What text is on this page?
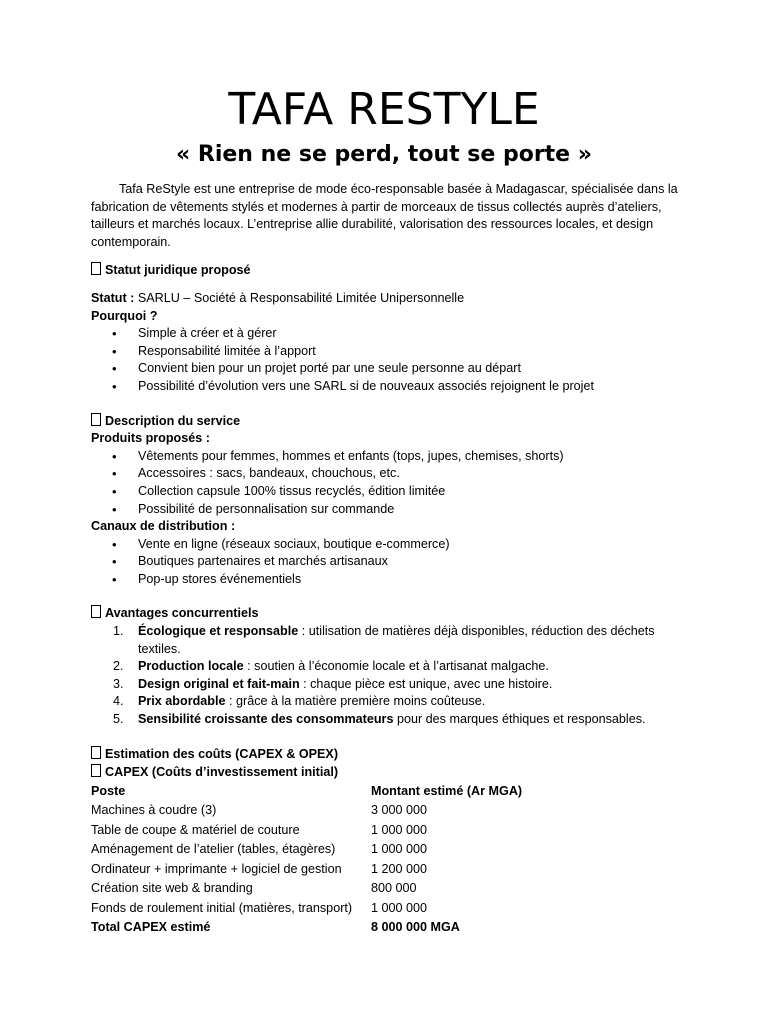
TAFA RESTYLE

« Rien ne se perd, tout se porte »

Tafa ReStyle est une entreprise de mode éco-responsable basée à Madagascar, spécialisée dans la fabrication de vêtements stylés et modernes à partir de morceaux de tissus collectés auprès d’ateliers, tailleurs et marchés locaux. L’entreprise allie durabilité, valorisation des ressources locales, et design contemporain.

Statut juridique proposé

Statut : SARLU – Société à Responsabilité Limitée Unipersonnelle

Pourquoi ?

• Simple à créer et à gérer
• Responsabilité limitée à l’apport
• Convient bien pour un projet porté par une seule personne au départ
• Possibilité d’évolution vers une SARL si de nouveaux associés rejoignent le projet

Description du service

Produits proposés :

• Vêtements pour femmes, hommes et enfants (tops, jupes, chemises, shorts)
• Accessoires : sacs, bandeaux, chouchous, etc.
• Collection capsule 100% tissus recyclés, édition limitée
• Possibilité de personnalisation sur commande

Canaux de distribution :

• Vente en ligne (réseaux sociaux, boutique e-commerce)
• Boutiques partenaires et marchés artisanaux
• Pop-up stores événementiels

Avantages concurrentiels

1. Écologique et responsable : utilisation de matières déjà disponibles, réduction des déchets textiles.
2. Production locale : soutien à l’économie locale et à l’artisanat malgache.
3. Design original et fait-main : chaque pièce est unique, avec une histoire.
4. Prix abordable : grâce à la matière première moins coûteuse.
5. Sensibilité croissante des consommateurs pour des marques éthiques et responsables.

Estimation des coûts (CAPEX & OPEX)

CAPEX (Coûts d’investissement initial)

Poste	Montant estimé (Ar MGA)
Machines à coudre (3)	3 000 000
Table de coupe & matériel de couture	1 000 000
Aménagement de l’atelier (tables, étagères)	1 000 000
Ordinateur + imprimante + logiciel de gestion	1 200 000
Création site web & branding	800 000
Fonds de roulement initial (matières, transport)	1 000 000
Total CAPEX estimé	8 000 000 MGA
